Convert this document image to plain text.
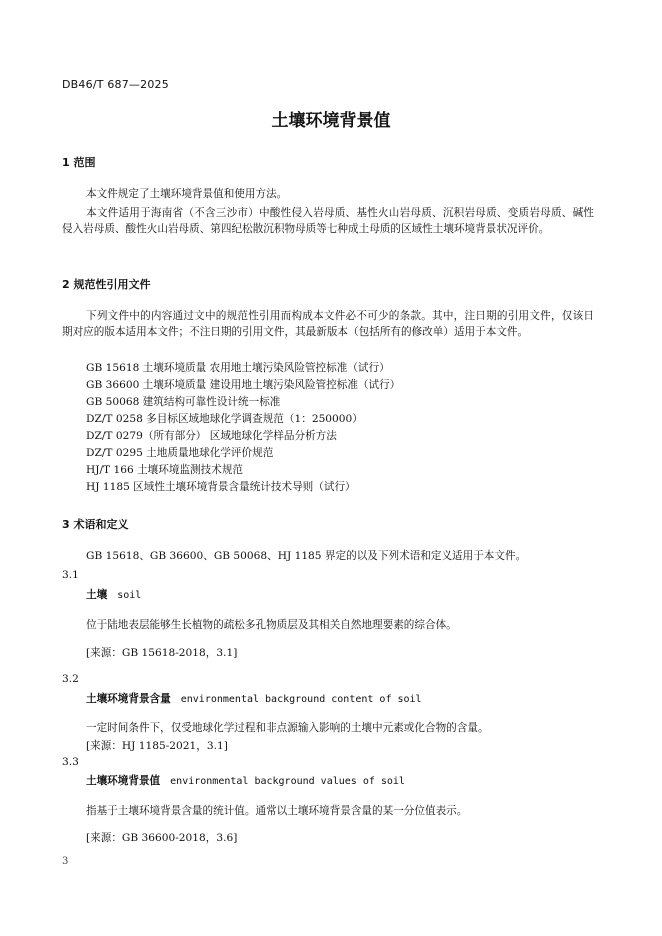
DB46/T 687—2025
土壤环境背景值
1 范围
本文件规定了土壤环境背景值和使用方法。
本文件适用于海南省（不含三沙市）中酸性侵入岩母质、基性火山岩母质、沉积岩母质、变质岩母质、碱性侵入岩母质、酸性火山岩母质、第四纪松散沉积物母质等七种成土母质的区域性土壤环境背景状况评价。
2 规范性引用文件
下列文件中的内容通过文中的规范性引用而构成本文件必不可少的条款。其中，注日期的引用文件，仅该日期对应的版本适用本文件；不注日期的引用文件，其最新版本（包括所有的修改单）适用于本文件。
GB 15618 土壤环境质量 农用地土壤污染风险管控标准（试行）
GB 36600 土壤环境质量 建设用地土壤污染风险管控标准（试行）
GB 50068 建筑结构可靠性设计统一标准
DZ/T 0258 多目标区域地球化学调查规范（1：250000）
DZ/T 0279（所有部分） 区域地球化学样品分析方法
DZ/T 0295 土地质量地球化学评价规范
HJ/T 166 土壤环境监测技术规范
HJ 1185 区域性土壤环境背景含量统计技术导则（试行）
3 术语和定义
GB 15618、GB 36600、GB 50068、HJ 1185 界定的以及下列术语和定义适用于本文件。
3.1
土壤 soil
位于陆地表层能够生长植物的疏松多孔物质层及其相关自然地理要素的综合体。
[来源：GB 15618-2018，3.1]
3.2
土壤环境背景含量 environmental background content of soil
一定时间条件下，仅受地球化学过程和非点源输入影响的土壤中元素或化合物的含量。
[来源：HJ 1185-2021，3.1]
3.3
土壤环境背景值 environmental background values of soil
指基于土壤环境背景含量的统计值。通常以土壤环境背景含量的某一分位值表示。
[来源：GB 36600-2018，3.6]
3
